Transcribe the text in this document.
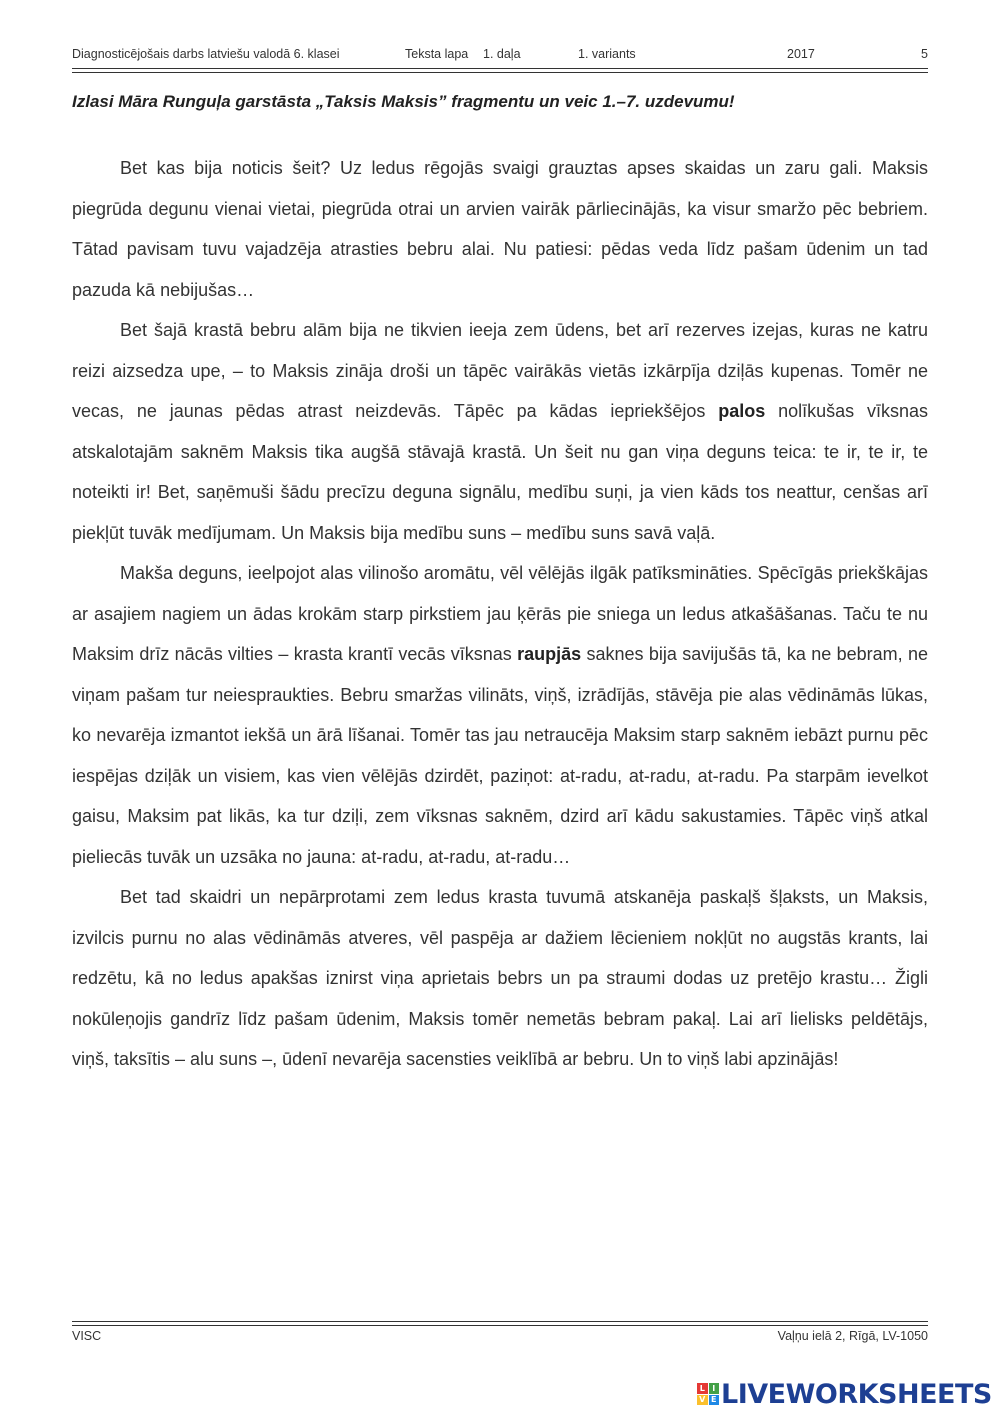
Diagnosticējošais darbs latviešu valodā 6. klasei	Teksta lapa 1. daļa	1. variants	2017	5
Izlasi Māra Runguļa garstāsta „Taksis Maksis” fragmentu un veic 1.–7. uzdevumu!

Bet kas bija noticis šeit? Uz ledus rēgojās svaigi grauztas apses skaidas un zaru gali. Maksis piegrūda degunu vienai vietai, piegrūda otrai un arvien vairāk pārliecinājās, ka visur smaržo pēc bebriem. Tātad pavisam tuvu vajadzēja atrasties bebru alai. Nu patiesi: pēdas veda līdz pašam ūdenim un tad pazuda kā nebijušas…

Bet šajā krastā bebru alām bija ne tikvien ieeja zem ūdens, bet arī rezerves izejas, kuras ne katru reizi aizsedza upe, – to Maksis zināja droši un tāpēc vairākās vietās izkārpīja dziļās kupenas. Tomēr ne vecas, ne jaunas pēdas atrast neizdevās. Tāpēc pa kādas iepriekšējos palos nolīkušas vīksnas atskalotajām saknēm Maksis tika augšā stāvajā krastā. Un šeit nu gan viņa deguns teica: te ir, te ir, te noteikti ir! Bet, saņēmuši šādu precīzu deguna signālu, medību suņi, ja vien kāds tos neattur, cenšas arī piekļūt tuvāk medījumam. Un Maksis bija medību suns – medību suns savā vaļā.

Makša deguns, ieelpojot alas vilinošo aromātu, vēl vēlējās ilgāk patīksmināties. Spēcīgās priekškājas ar asajiem nagiem un ādas krokām starp pirkstiem jau ķērās pie sniega un ledus atkašāšanas. Taču te nu Maksim drīz nācās vilties – krasta krantī vecās vīksnas raupjās saknes bija savijušās tā, ka ne bebram, ne viņam pašam tur neiespraukties. Bebru smaržas vilināts, viņš, izrādījās, stāvēja pie alas vēdināmās lūkas, ko nevarēja izmantot iekšā un ārā līšanai. Tomēr tas jau netraucēja Maksim starp saknēm iebāzt purnu pēc iespējas dziļāk un visiem, kas vien vēlējās dzirdēt, paziņot: at-radu, at-radu, at-radu. Pa starpām ievelkot gaisu, Maksim pat likās, ka tur dziļi, zem vīksnas saknēm, dzird arī kādu sakustamies. Tāpēc viņš atkal pieliecās tuvāk un uzsāka no jauna: at-radu, at-radu, at-radu…

Bet tad skaidri un nepārprotami zem ledus krasta tuvumā atskanēja paskaļš šļaksts, un Maksis, izvilcis purnu no alas vēdināmās atveres, vēl paspēja ar dažiem lēcieniem nokļūt no augstās krants, lai redzētu, kā no ledus apakšas iznirst viņa aprietais bebrs un pa straumi dodas uz pretējo krastu… Žigli nokūleņojis gandrīz līdz pašam ūdenim, Maksis tomēr nemetās bebram pakaļ. Lai arī lielisks peldētājs, viņš, taksītis – alu suns –, ūdenī nevarēja sacensties veiklībā ar bebru. Un to viņš labi apzinājās!

VISC	Vaļņu ielā 2, Rīgā, LV-1050
L I
V E LIVEWORKSHEETS
